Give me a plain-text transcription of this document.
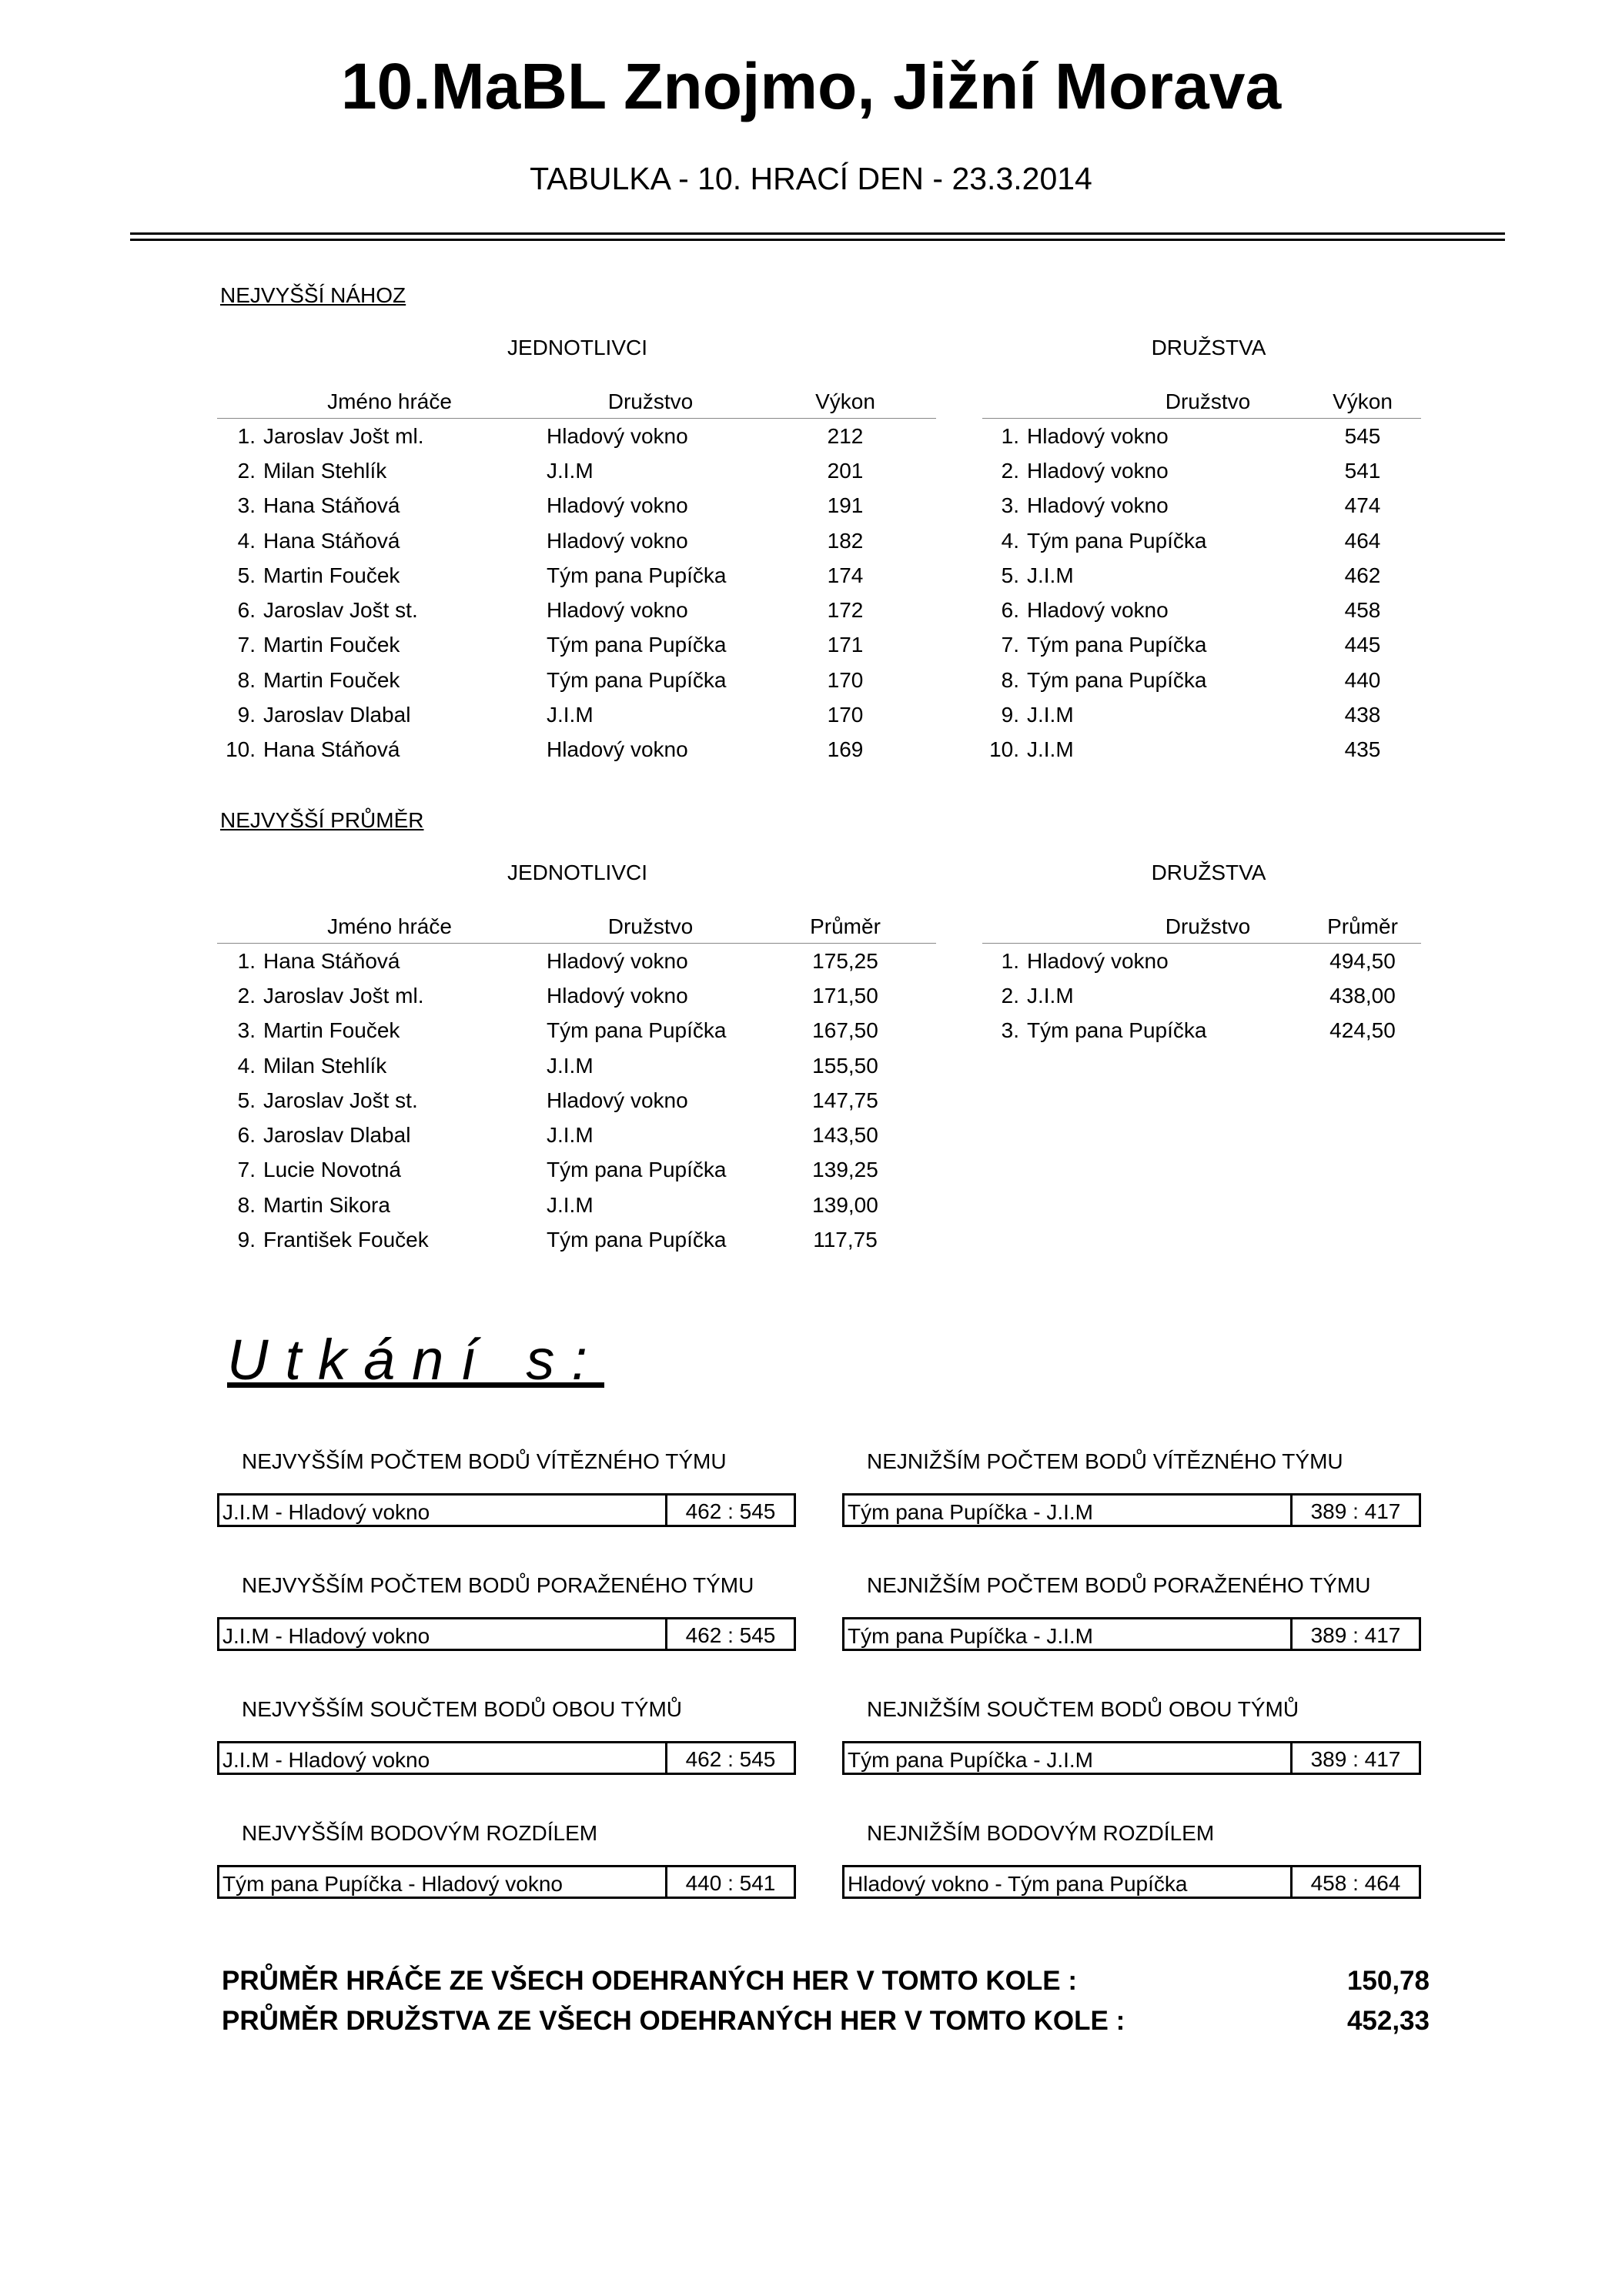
10.MaBL Znojmo, Jižní Morava
TABULKA - 10. HRACÍ DEN - 23.3.2014
NEJVYŠŠÍ NÁHOZ
JEDNOTLIVCI	DRUŽSTVA
	Jméno hráče	Družstvo	Výkon
1.	Jaroslav Jošt ml.	Hladový vokno	212
2.	Milan Stehlík	J.I.M	201
3.	Hana Stáňová	Hladový vokno	191
4.	Hana Stáňová	Hladový vokno	182
5.	Martin Fouček	Tým pana Pupíčka	174
6.	Jaroslav Jošt st.	Hladový vokno	172
7.	Martin Fouček	Tým pana Pupíčka	171
8.	Martin Fouček	Tým pana Pupíčka	170
9.	Jaroslav Dlabal	J.I.M	170
10.	Hana Stáňová	Hladový vokno	169
	Družstvo	Výkon
1.	Hladový vokno	545
2.	Hladový vokno	541
3.	Hladový vokno	474
4.	Tým pana Pupíčka	464
5.	J.I.M	462
6.	Hladový vokno	458
7.	Tým pana Pupíčka	445
8.	Tým pana Pupíčka	440
9.	J.I.M	438
10.	J.I.M	435
NEJVYŠŠÍ PRŮMĚR
JEDNOTLIVCI	DRUŽSTVA
	Jméno hráče	Družstvo	Průměr
1.	Hana Stáňová	Hladový vokno	175,25
2.	Jaroslav Jošt ml.	Hladový vokno	171,50
3.	Martin Fouček	Tým pana Pupíčka	167,50
4.	Milan Stehlík	J.I.M	155,50
5.	Jaroslav Jošt st.	Hladový vokno	147,75
6.	Jaroslav Dlabal	J.I.M	143,50
7.	Lucie Novotná	Tým pana Pupíčka	139,25
8.	Martin Sikora	J.I.M	139,00
9.	František Fouček	Tým pana Pupíčka	117,75
	Družstvo	Průměr
1.	Hladový vokno	494,50
2.	J.I.M	438,00
3.	Tým pana Pupíčka	424,50
Utkání s:
NEJVYŠŠÍM POČTEM BODŮ VÍTĚZNÉHO TÝMU
J.I.M - Hladový vokno	462 : 545
NEJNIŽŠÍM POČTEM BODŮ VÍTĚZNÉHO TÝMU
Tým pana Pupíčka - J.I.M	389 : 417
NEJVYŠŠÍM POČTEM BODŮ PORAŽENÉHO TÝMU
J.I.M - Hladový vokno	462 : 545
NEJNIŽŠÍM POČTEM BODŮ PORAŽENÉHO TÝMU
Tým pana Pupíčka - J.I.M	389 : 417
NEJVYŠŠÍM SOUČTEM BODŮ OBOU TÝMŮ
J.I.M - Hladový vokno	462 : 545
NEJNIŽŠÍM SOUČTEM BODŮ OBOU TÝMŮ
Tým pana Pupíčka - J.I.M	389 : 417
NEJVYŠŠÍM BODOVÝM ROZDÍLEM
Tým pana Pupíčka - Hladový vokno	440 : 541
NEJNIŽŠÍM BODOVÝM ROZDÍLEM
Hladový vokno - Tým pana Pupíčka	458 : 464
PRŮMĚR HRÁČE ZE VŠECH ODEHRANÝCH HER V TOMTO KOLE :	150,78
PRŮMĚR DRUŽSTVA ZE VŠECH ODEHRANÝCH HER V TOMTO KOLE :	452,33
